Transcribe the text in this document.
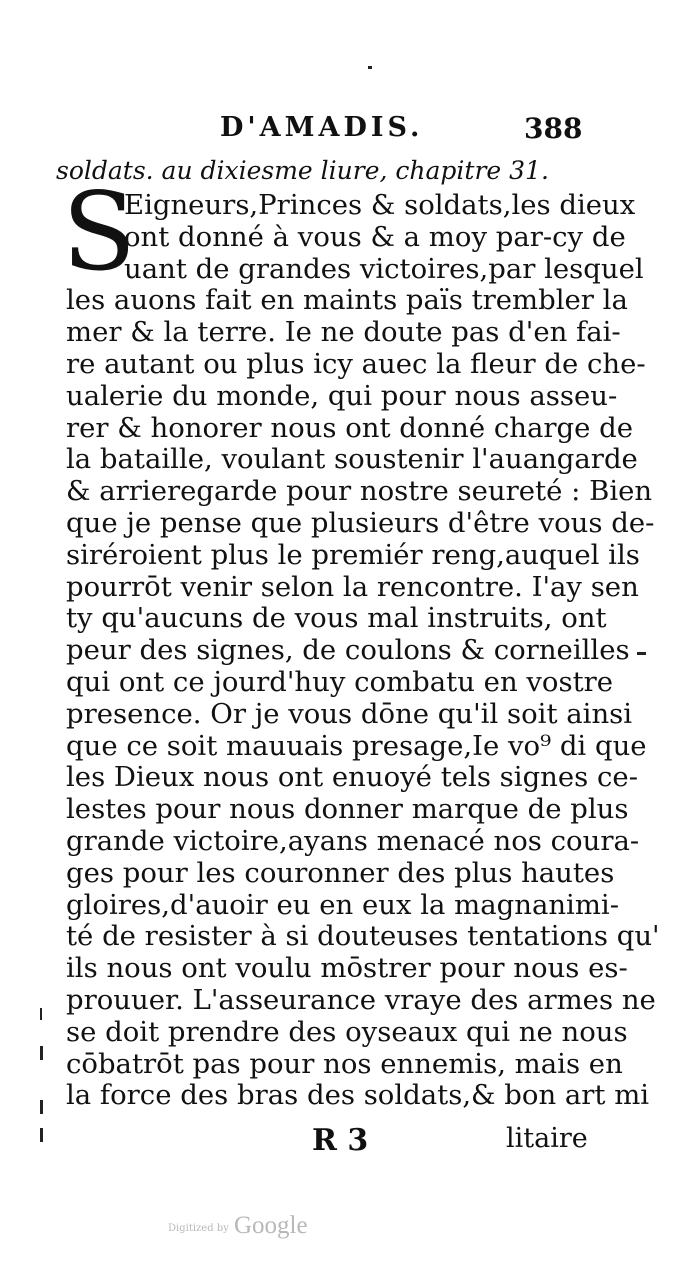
D'AMADIS.	388
soldats. au dixiesme liure, chapitre 31.
S
Eigneurs,Princes & soldats,les dieux
ont donné à vous & a moy par-cy de
uant de grandes victoires,par lesquel
les auons fait en maints païs trembler la
mer & la terre. Ie ne doute pas d'en fai-
re autant ou plus icy auec la fleur de che-
ualerie du monde, qui pour nous asseu-
rer & honorer nous ont donné charge de
la bataille, voulant soustenir l'auangarde
& arrieregarde pour nostre seureté : Bien
que je pense que plusieurs d'être vous de-
siréroient plus le premiér reng,auquel ils
pourrōt venir selon la rencontre. I'ay sen
ty qu'aucuns de vous mal instruits, ont
peur des signes, de coulons & corneilles
qui ont ce jourd'huy combatu en vostre
presence. Or je vous dōne qu'il soit ainsi
que ce soit mauuais presage,Ie vo⁹ di que
les Dieux nous ont enuoyé tels signes ce-
lestes pour nous donner marque de plus
grande victoire,ayans menacé nos coura-
ges pour les couronner des plus hautes
gloires,d'auoir eu en eux la magnanimi-
té de resister à si douteuses tentations qu'
ils nous ont voulu mōstrer pour nous es-
prouuer. L'asseurance vraye des armes ne
se doit prendre des oyseaux qui ne nous
cōbatrōt pas pour nos ennemis, mais en
la force des bras des soldats,& bon art mi
R 3	litaire
Digitized by Google
